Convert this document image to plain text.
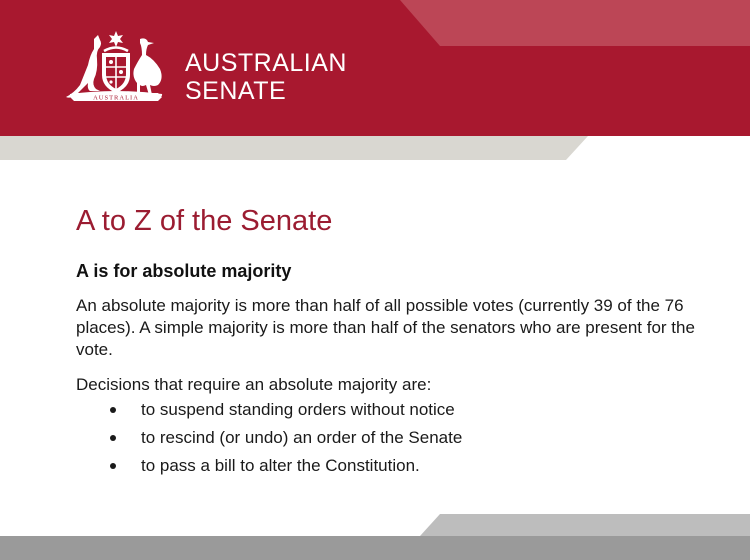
AUSTRALIA
AUSTRALIAN
SENATE
A to Z of the Senate
A is for absolute majority

An absolute majority is more than half of all possible votes (currently 39 of the 76 places). A simple majority is more than half of the senators who are present for the vote.

Decisions that require an absolute majority are:

to suspend standing orders without notice
to rescind (or undo) an order of the Senate
to pass a bill to alter the Constitution.
